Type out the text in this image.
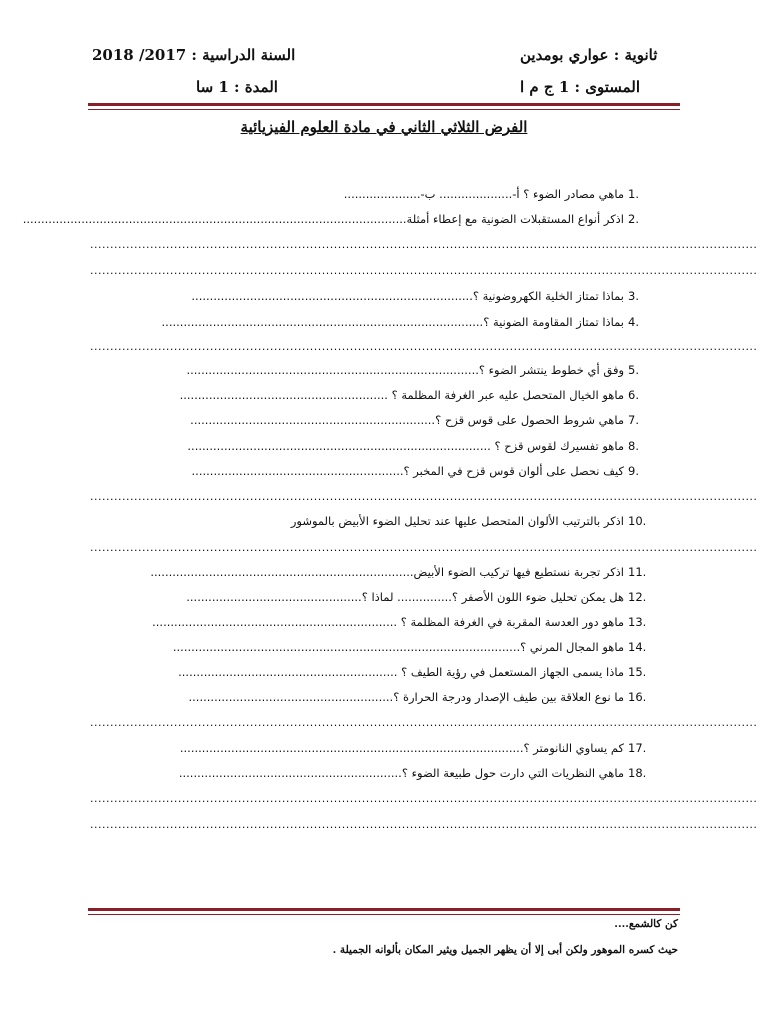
ثانوية : عواري بومدين
السنة الدراسية : 2017/ 2018
المستوى : 1 ج م ا
المدة : 1 سا
الفرض الثلاثي الثاني في مادة العلوم الفيزيائية
.1ماهي مصادر الضوء ؟ أ-.................... ب-.....................
.2اذكر أنواع المستقبلات الضونية مع إعطاء أمثلة.........................................................................................................
.......................................................................................................................................................................
.......................................................................................................................................................................
.3بماذا تمتاز الخلية الكهروضونية ؟.............................................................................
.4بماذا تمتاز المقاومة الضونية ؟........................................................................................
.......................................................................................................................................................................
.5وفق أي خطوط ينتشر الضوء ؟................................................................................
.6ماهو الخيال المتحصل عليه عبر الغرفة المظلمة ؟ .........................................................
.7ماهي شروط الحصول على قوس قزح ؟...................................................................
.8ماهو تفسيرك لقوس قزح ؟ ...................................................................................
.9كيف نحصل على ألوان قوس قزح في المخبر ؟..........................................................
.......................................................................................................................................................................
.10اذكر بالترتيب الألوان المتحصل عليها عند تحليل الضوء الأبيض بالموشور
.......................................................................................................................................................................
.11اذكر تجربة نستطيع فيها تركيب الضوء الأبيض........................................................................
.12هل يمكن تحليل ضوء اللون الأصفر ؟............... لماذا ؟................................................
.13ماهو دور العدسة المقربة في الغرفة المظلمة ؟ ...................................................................
.14ماهو المجال المرني ؟...............................................................................................
.15ماذا يسمى الجهاز المستعمل في رؤية الطيف ؟ ............................................................
.16ما نوع العلاقة بين طيف الإصدار ودرجة الحرارة ؟........................................................
.......................................................................................................................................................................
.17كم يساوي النانومتر ؟..............................................................................................
.18ماهي النظريات التي دارت حول طبيعة الضوء ؟.............................................................
.......................................................................................................................................................................
.......................................................................................................................................................................
كن كالشمع....
حيث كسره الموهور ولكن أبى إلا أن يظهر الجميل ويثير المكان بألوانه الجميلة .
